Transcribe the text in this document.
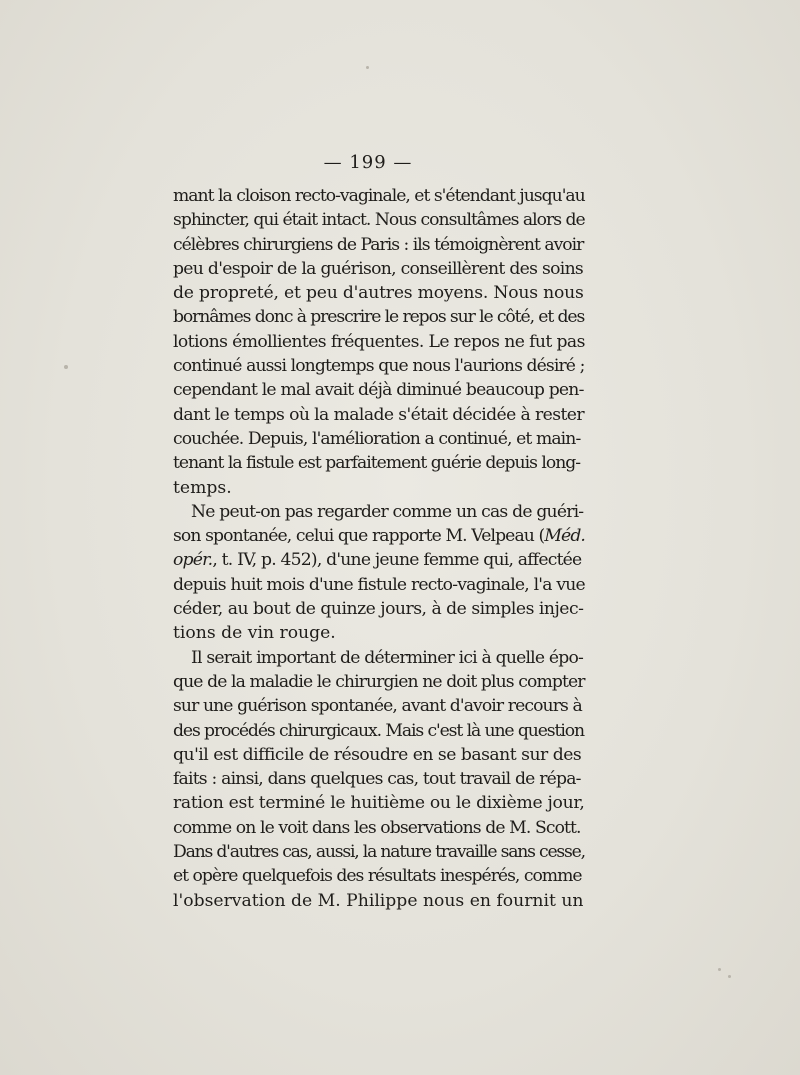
— 199 —
mant la cloison recto-vaginale, et s'étendant jusqu'au
sphincter, qui était intact. Nous consultâmes alors de
célèbres chirurgiens de Paris : ils témoignèrent avoir
peu d'espoir de la guérison, conseillèrent des soins
de propreté, et peu d'autres moyens. Nous nous
bornâmes donc à prescrire le repos sur le côté, et des
lotions émollientes fréquentes. Le repos ne fut pas
continué aussi longtemps que nous l'aurions désiré ;
cependant le mal avait déjà diminué beaucoup pen-
dant le temps où la malade s'était décidée à rester
couchée. Depuis, l'amélioration a continué, et main-
tenant la fistule est parfaitement guérie depuis long-
temps.
Ne peut-on pas regarder comme un cas de guéri-
son spontanée, celui que rapporte M. Velpeau ( Méd.
opér., t. IV, p. 452), d'une jeune femme qui, affectée
depuis huit mois d'une fistule recto-vaginale, l'a vue
céder, au bout de quinze jours, à de simples injec-
tions de vin rouge.
Il serait important de déterminer ici à quelle épo-
que de la maladie le chirurgien ne doit plus compter
sur une guérison spontanée, avant d'avoir recours à
des procédés chirurgicaux. Mais c'est là une question
qu'il est difficile de résoudre en se basant sur des
faits : ainsi, dans quelques cas, tout travail de répa-
ration est terminé le huitième ou le dixième jour,
comme on le voit dans les observations de M. Scott.
Dans d'autres cas, aussi, la nature travaille sans cesse,
et opère quelquefois des résultats inespérés, comme
l'observation de M. Philippe nous en fournit un
